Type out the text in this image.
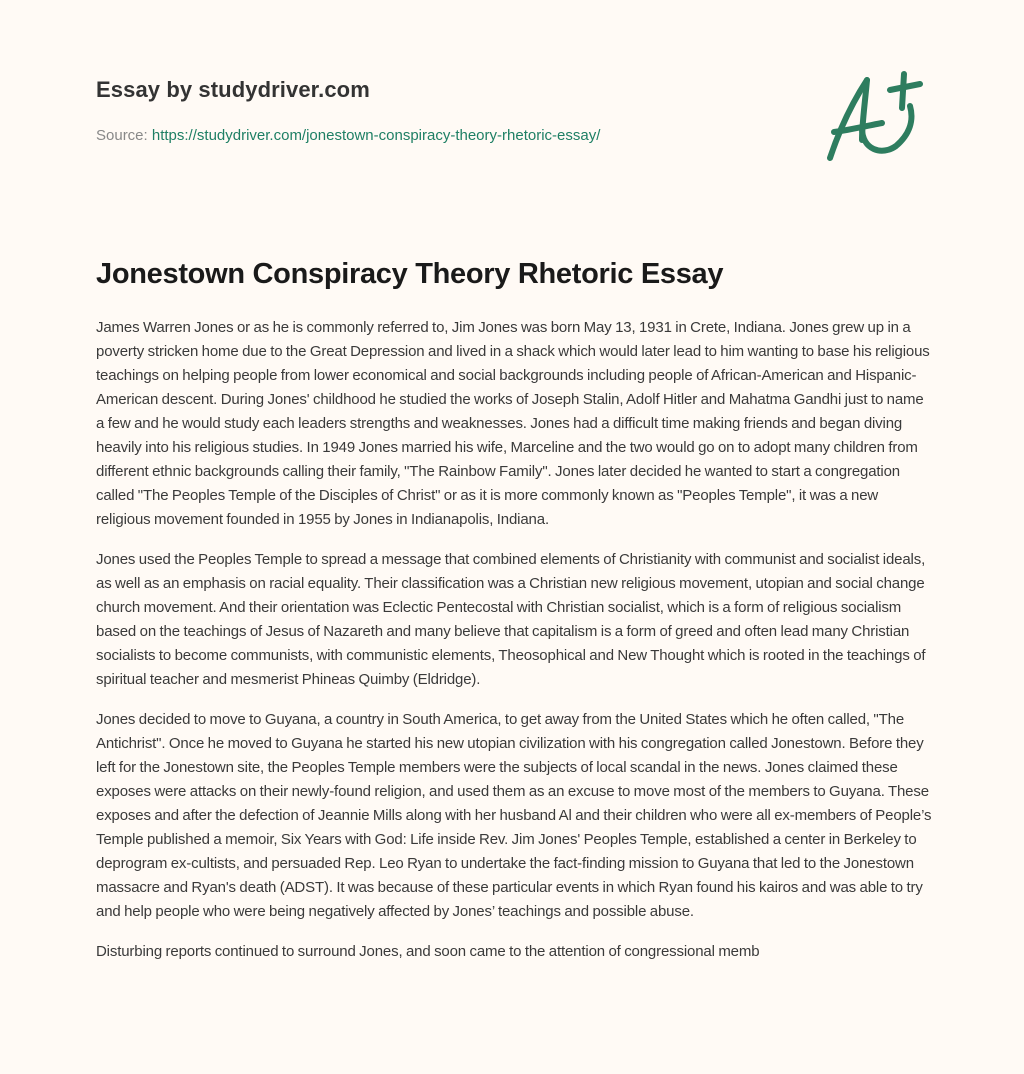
Essay by studydriver.com
Source: https://studydriver.com/jonestown-conspiracy-theory-rhetoric-essay/
Jonestown Conspiracy Theory Rhetoric Essay

James Warren Jones or as he is commonly referred to, Jim Jones was born May 13, 1931 in Crete, Indiana. Jones grew up in a poverty stricken home due to the Great Depression and lived in a shack which would later lead to him wanting to base his religious teachings on helping people from lower economical and social backgrounds including people of African-American and Hispanic-American descent. During Jones' childhood he studied the works of Joseph Stalin, Adolf Hitler and Mahatma Gandhi just to name a few and he would study each leaders strengths and weaknesses. Jones had a difficult time making friends and began diving heavily into his religious studies. In 1949 Jones married his wife, Marceline and the two would go on to adopt many children from different ethnic backgrounds calling their family, "The Rainbow Family". Jones later decided he wanted to start a congregation called "The Peoples Temple of the Disciples of Christ" or as it is more commonly known as "Peoples Temple", it was a new religious movement founded in 1955 by Jones in Indianapolis, Indiana.

Jones used the Peoples Temple to spread a message that combined elements of Christianity with communist and socialist ideals, as well as an emphasis on racial equality. Their classification was a Christian new religious movement, utopian and social change church movement. And their orientation was Eclectic Pentecostal with Christian socialist, which is a form of religious socialism based on the teachings of Jesus of Nazareth and many believe that capitalism is a form of greed and often lead many Christian socialists to become communists, with communistic elements, Theosophical and New Thought which is rooted in the teachings of spiritual teacher and mesmerist Phineas Quimby (Eldridge).

Jones decided to move to Guyana, a country in South America, to get away from the United States which he often called, "The Antichrist". Once he moved to Guyana he started his new utopian civilization with his congregation called Jonestown. Before they left for the Jonestown site, the Peoples Temple members were the subjects of local scandal in the news. Jones claimed these exposes were attacks on their newly-found religion, and used them as an excuse to move most of the members to Guyana. These exposes and after the defection of Jeannie Mills along with her husband Al and their children who were all ex-members of People’s Temple published a memoir, Six Years with God: Life inside Rev. Jim Jones' Peoples Temple, established a center in Berkeley to deprogram ex-cultists, and persuaded Rep. Leo Ryan to undertake the fact-finding mission to Guyana that led to the Jonestown massacre and Ryan's death (ADST). It was because of these particular events in which Ryan found his kairos and was able to try and help people who were being negatively affected by Jones’ teachings and possible abuse.

Disturbing reports continued to surround Jones, and soon came to the attention of congressional memb
